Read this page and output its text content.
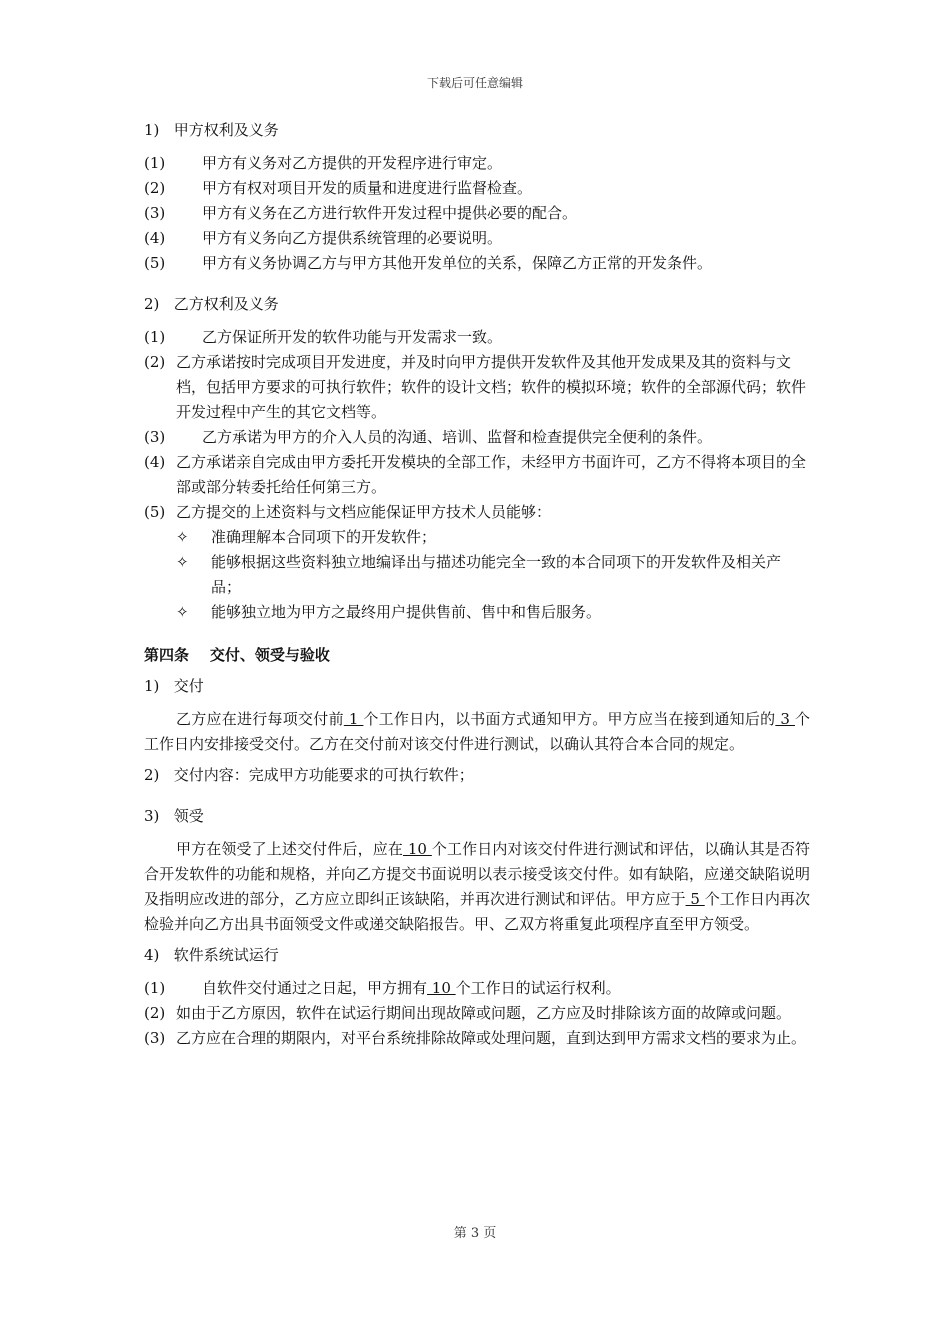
下载后可任意编辑
1)   甲方权利及义务
(1)	甲方有义务对乙方提供的开发程序进行审定。
(2)	甲方有权对项目开发的质量和进度进行监督检查。
(3)	甲方有义务在乙方进行软件开发过程中提供必要的配合。
(4)	甲方有义务向乙方提供系统管理的必要说明。
(5)	甲方有义务协调乙方与甲方其他开发单位的关系，保障乙方正常的开发条件。
2)   乙方权利及义务
(1)	乙方保证所开发的软件功能与开发需求一致。
(2) 乙方承诺按时完成项目开发进度，并及时向甲方提供开发软件及其他开发成果及其的资料与文档，包括甲方要求的可执行软件；软件的设计文档；软件的模拟环境；软件的全部源代码；软件开发过程中产生的其它文档等。
(3)	乙方承诺为甲方的介入人员的沟通、培训、监督和检查提供完全便利的条件。
(4) 乙方承诺亲自完成由甲方委托开发模块的全部工作，未经甲方书面许可，乙方不得将本项目的全部或部分转委托给任何第三方。
(5) 乙方提交的上述资料与文档应能保证甲方技术人员能够：
✧ 准确理解本合同项下的开发软件；
✧ 能够根据这些资料独立地编译出与描述功能完全一致的本合同项下的开发软件及相关产品；
✧ 能够独立地为甲方之最终用户提供售前、售中和售后服务。
第四条    交付、领受与验收
1)   交付
乙方应在进行每项交付前 1 个工作日内，以书面方式通知甲方。甲方应当在接到通知后的 3 个工作日内安排接受交付。乙方在交付前对该交付件进行测试，以确认其符合本合同的规定。
2)   交付内容：完成甲方功能要求的可执行软件；
3)   领受
甲方在领受了上述交付件后，应在 10 个工作日内对该交付件进行测试和评估，以确认其是否符合开发软件的功能和规格，并向乙方提交书面说明以表示接受该交付件。如有缺陷，应递交缺陷说明及指明应改进的部分，乙方应立即纠正该缺陷，并再次进行测试和评估。甲方应于 5 个工作日内再次检验并向乙方出具书面领受文件或递交缺陷报告。甲、乙双方将重复此项程序直至甲方领受。
4)   软件系统试运行
(1)	自软件交付通过之日起，甲方拥有 10 个工作日的试运行权利。
(2) 如由于乙方原因，软件在试运行期间出现故障或问题，乙方应及时排除该方面的故障或问题。
(3) 乙方应在合理的期限内，对平台系统排除故障或处理问题，直到达到甲方需求文档的要求为止。
第 3 页
